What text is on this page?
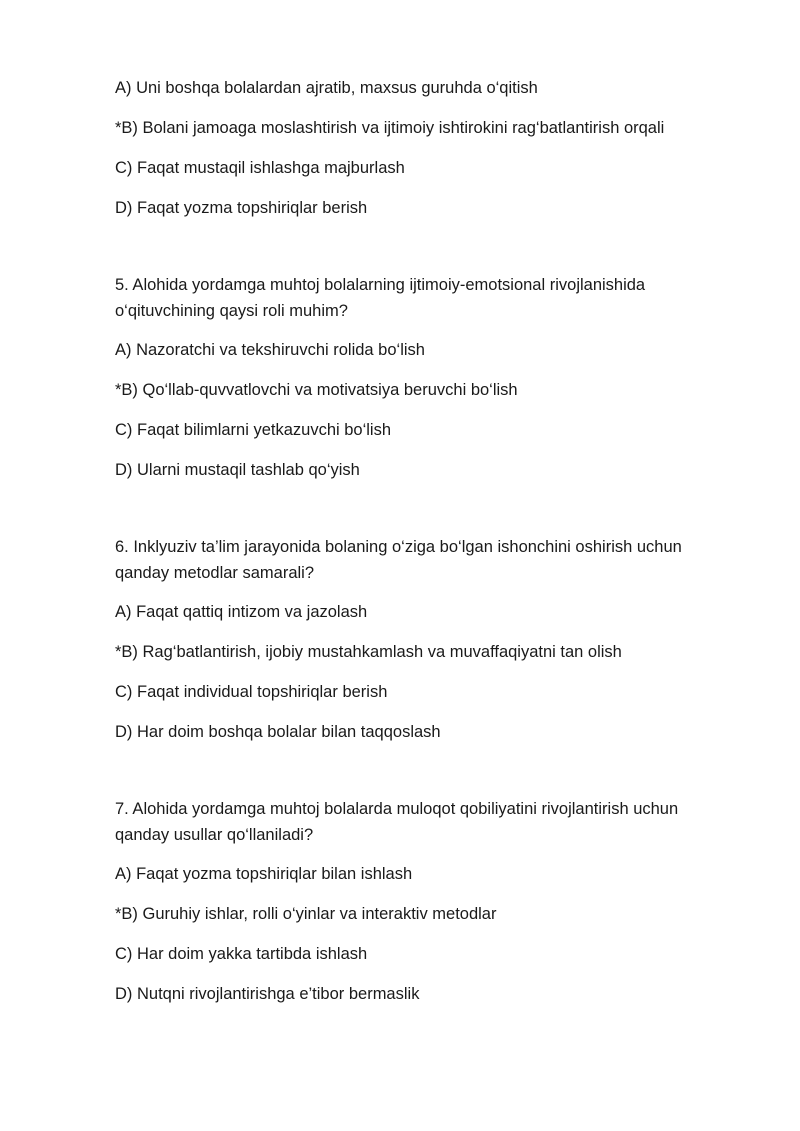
A) Uni boshqa bolalardan ajratib, maxsus guruhda o‘qitish

*B) Bolani jamoaga moslashtirish va ijtimoiy ishtirokini rag‘batlantirish orqali

C) Faqat mustaqil ishlashga majburlash

D) Faqat yozma topshiriqlar berish

5. Alohida yordamga muhtoj bolalarning ijtimoiy-emotsional rivojlanishida o‘qituvchining qaysi roli muhim?

A) Nazoratchi va tekshiruvchi rolida bo‘lish

*B) Qo‘llab-quvvatlovchi va motivatsiya beruvchi bo‘lish

C) Faqat bilimlarni yetkazuvchi bo‘lish

D) Ularni mustaqil tashlab qo‘yish

6. Inklyuziv ta’lim jarayonida bolaning o‘ziga bo‘lgan ishonchini oshirish uchun qanday metodlar samarali?

A) Faqat qattiq intizom va jazolash

*B) Rag‘batlantirish, ijobiy mustahkamlash va muvaffaqiyatni tan olish

C) Faqat individual topshiriqlar berish

D) Har doim boshqa bolalar bilan taqqoslash

7. Alohida yordamga muhtoj bolalarda muloqot qobiliyatini rivojlantirish uchun qanday usullar qo‘llaniladi?

A) Faqat yozma topshiriqlar bilan ishlash

*B) Guruhiy ishlar, rolli o‘yinlar va interaktiv metodlar

C) Har doim yakka tartibda ishlash

D) Nutqni rivojlantirishga e’tibor bermaslik
